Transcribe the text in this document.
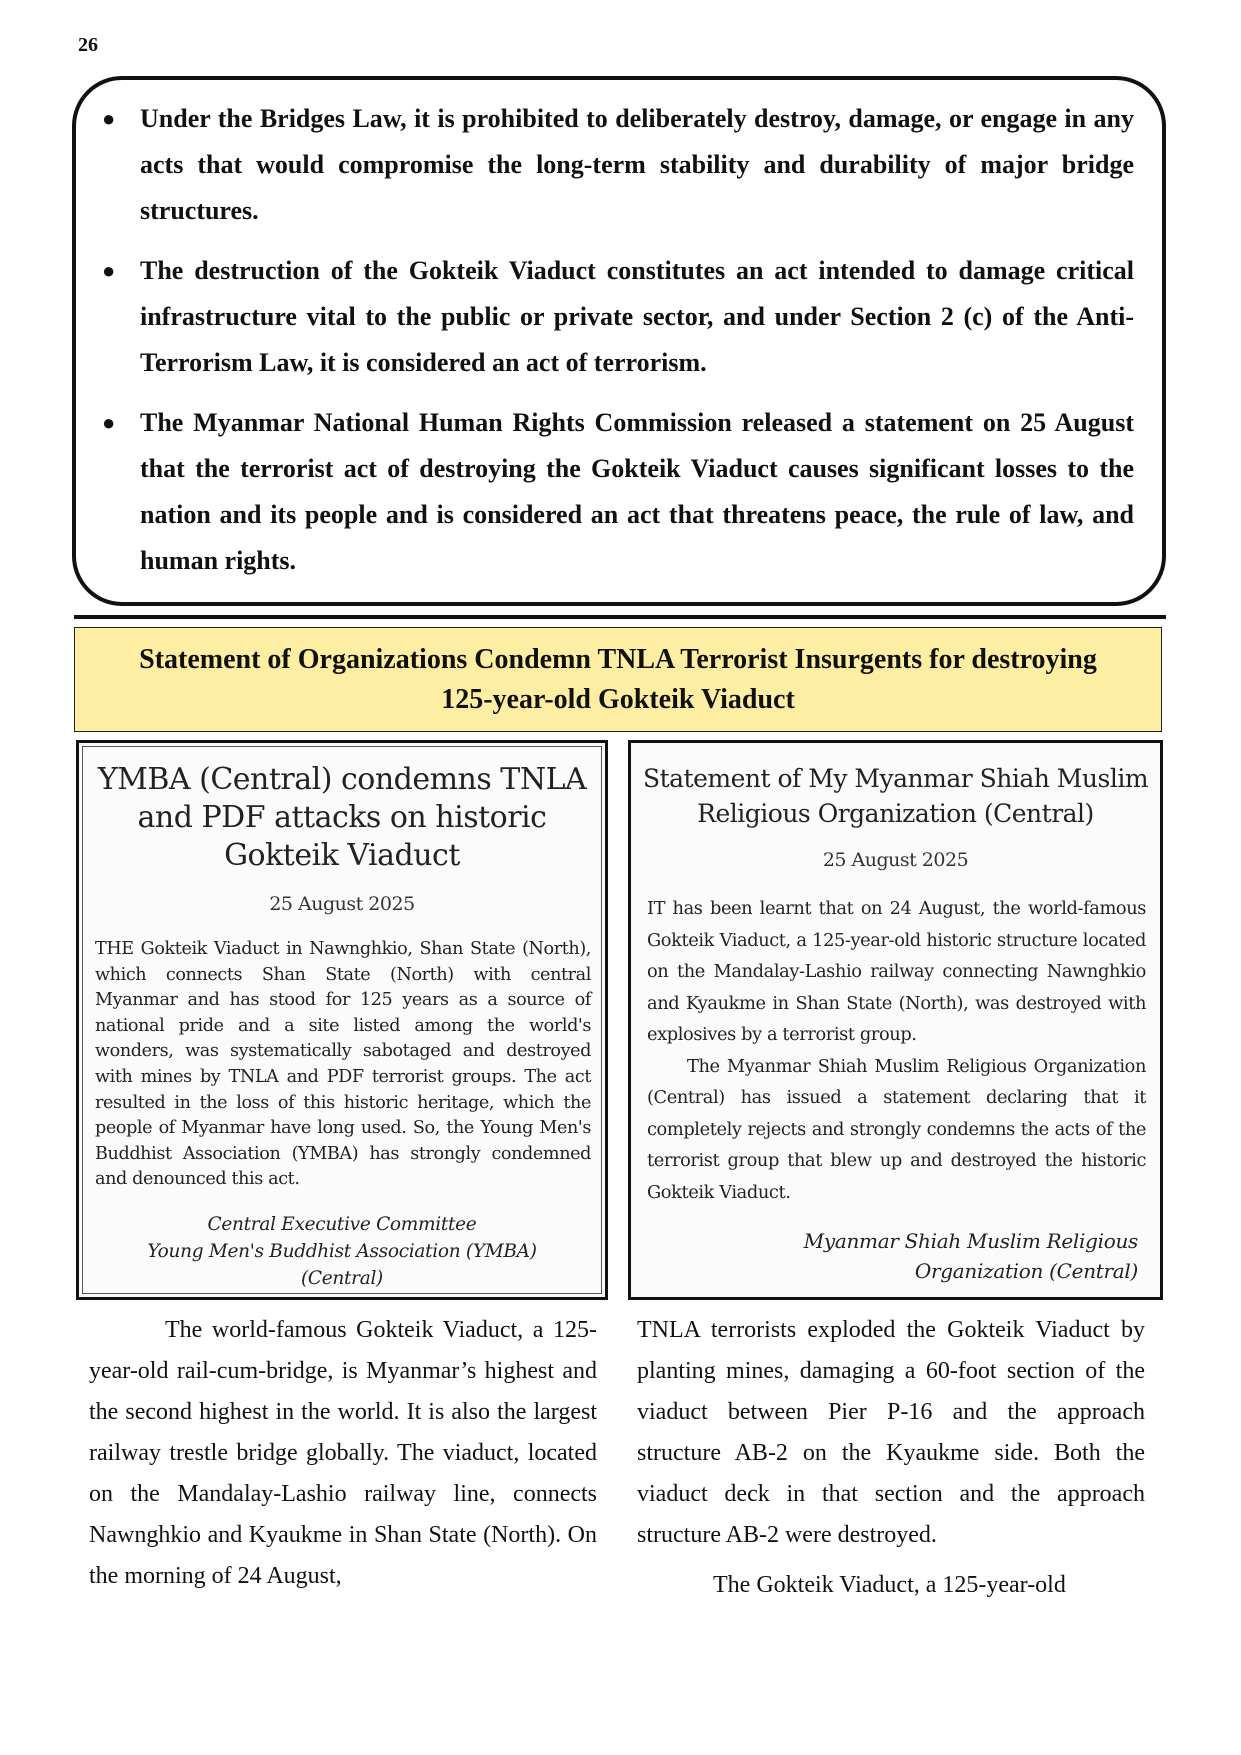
26
● Under the Bridges Law, it is prohibited to deliberately destroy, damage, or engage in any acts that would compromise the long-term stability and durability of major bridge structures.
● The destruction of the Gokteik Viaduct constitutes an act intended to damage critical infrastructure vital to the public or private sector, and under Section 2 (c) of the Anti-Terrorism Law, it is considered an act of terrorism.
● The Myanmar National Human Rights Commission released a statement on 25 August that the terrorist act of destroying the Gokteik Viaduct causes significant losses to the nation and its people and is considered an act that threatens peace, the rule of law, and human rights.
Statement of Organizations Condemn TNLA Terrorist Insurgents for destroying
125-year-old Gokteik Viaduct
YMBA (Central) condemns TNLA
and PDF attacks on historic
Gokteik Viaduct
25 August 2025

THE Gokteik Viaduct in Nawnghkio, Shan State (North), which connects Shan State (North) with central Myanmar and has stood for 125 years as a source of national pride and a site listed among the world's wonders, was systematically sabotaged and destroyed with mines by TNLA and PDF terrorist groups. The act resulted in the loss of this historic heritage, which the people of Myanmar have long used. So, the Young Men's Buddhist Association (YMBA) has strongly condemned and denounced this act.

Central Executive Committee
Young Men's Buddhist Association (YMBA)
(Central)
Statement of My Myanmar Shiah Muslim
Religious Organization (Central)
25 August 2025

IT has been learnt that on 24 August, the world-famous Gokteik Viaduct, a 125-year-old historic structure located on the Mandalay-Lashio railway connecting Nawnghkio and Kyaukme in Shan State (North), was destroyed with explosives by a terrorist group.

The Myanmar Shiah Muslim Religious Organization (Central) has issued a statement declaring that it completely rejects and strongly condemns the acts of the terrorist group that blew up and destroyed the historic Gokteik Viaduct.

Myanmar Shiah Muslim Religious
Organization (Central)

The world-famous Gokteik Viaduct, a 125-year-old rail-cum-bridge, is Myanmar’s highest and the second highest in the world. It is also the largest railway trestle bridge globally. The viaduct, located on the Mandalay-Lashio railway line, connects Nawnghkio and Kyaukme in Shan State (North). On the morning of 24 August,

TNLA terrorists exploded the Gokteik Viaduct by planting mines, damaging a 60-foot section of the viaduct between Pier P-16 and the approach structure AB-2 on the Kyaukme side. Both the viaduct deck in that section and the approach structure AB-2 were destroyed.

The Gokteik Viaduct, a 125-year-old
